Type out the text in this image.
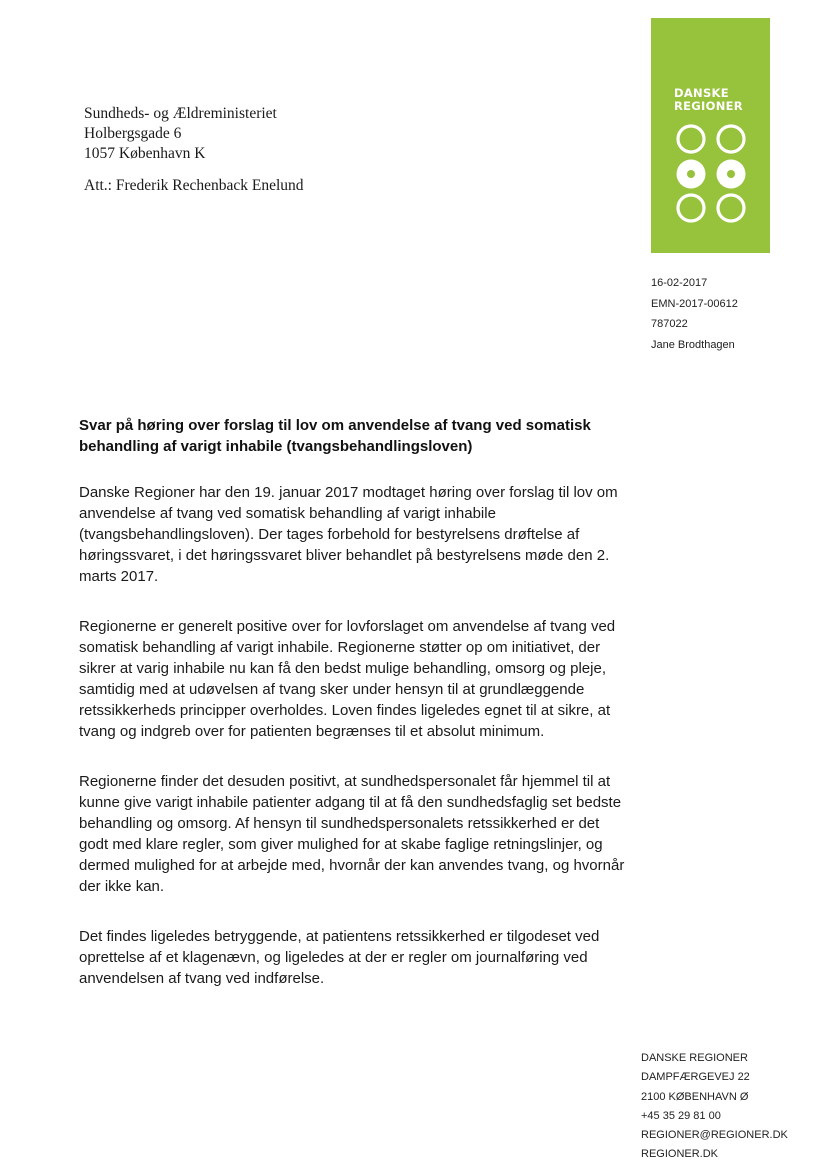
Sundheds- og Ældreministeriet
Holbergsgade 6
1057 København K
Att.: Frederik Rechenback Enelund
DANSKE
REGIONER
16-02-2017
EMN-2017-00612
787022
Jane Brodthagen
Svar på høring over forslag til lov om anvendelse af tvang ved somatisk behandling af varigt inhabile (tvangsbehandlingsloven)

Danske Regioner har den 19. januar 2017 modtaget høring over forslag til lov om anvendelse af tvang ved somatisk behandling af varigt inhabile (tvangsbehandlingsloven). Der tages forbehold for bestyrelsens drøftelse af høringssvaret, i det høringssvaret bliver behandlet på bestyrelsens møde den 2. marts 2017.

Regionerne er generelt positive over for lovforslaget om anvendelse af tvang ved somatisk behandling af varigt inhabile. Regionerne støtter op om initiativet, der sikrer at varig inhabile nu kan få den bedst mulige behandling, omsorg og pleje, samtidig med at udøvelsen af tvang sker under hensyn til at grundlæggende retssikkerheds principper overholdes. Loven findes ligeledes egnet til at sikre, at tvang og indgreb over for patienten begrænses til et absolut minimum.

Regionerne finder det desuden positivt, at sundhedspersonalet får hjemmel til at kunne give varigt inhabile patienter adgang til at få den sundhedsfaglig set bedste behandling og omsorg. Af hensyn til sundhedspersonalets retssikkerhed er det godt med klare regler, som giver mulighed for at skabe faglige retningslinjer, og dermed mulighed for at arbejde med, hvornår der kan anvendes tvang, og hvornår der ikke kan.

Det findes ligeledes betryggende, at patientens retssikkerhed er tilgodeset ved oprettelse af et klagenævn, og ligeledes at der er regler om journalføring ved anvendelsen af tvang ved indførelse.

DANSKE REGIONER
DAMPFÆRGEVEJ 22
2100 KØBENHAVN Ø
+45 35 29 81 00
REGIONER@REGIONER.DK
REGIONER.DK
